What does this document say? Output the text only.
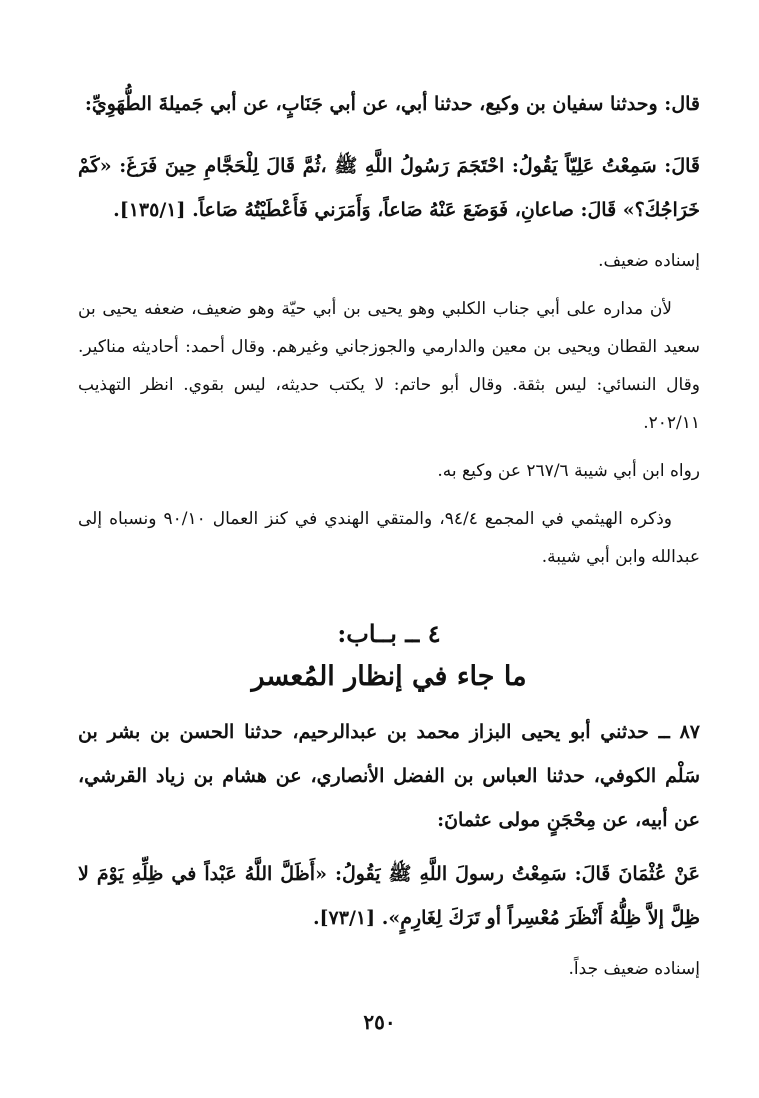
قال: وحدثنا سفيان بن وكيع، حدثنا أبي، عن أبي جَنَابٍ، عن أبي جَميلةَ الطُّهَوِيِّ:

قَالَ: سَمِعْتُ عَلِيّاً يَقُولُ: احْتَجَمَ رَسُولُ اللَّهِ ﷺ ،ثُمَّ قَالَ لِلْحَجَّامِ حِينَ فَرَغَ: «كَمْ خَرَاجُكَ؟» قَالَ: صاعانِ، فَوَضَعَ عَنْهُ صَاعاً، وَأَمَرَني فَأَعْطَيْتُهُ صَاعاً. [١٣٥/١].

إسناده ضعيف.

لأن مداره على أبي جناب الكلبي وهو يحيى بن أبي حيّة وهو ضعيف، ضعفه يحيى بن سعيد القطان ويحيى بن معين والدارمي والجوزجاني وغيرهم. وقال أحمد: أحاديثه مناكير. وقال النسائي: ليس بثقة. وقال أبو حاتم: لا يكتب حديثه، ليس بقوي. انظر التهذيب ٢٠٢/١١.

رواه ابن أبي شيبة ٢٦٧/٦ عن وكيع به.

وذكره الهيثمي في المجمع ٩٤/٤، والمتقي الهندي في كنز العمال ٩٠/١٠ ونسباه إلى عبدالله وابن أبي شيبة.

٤ ــ بــاب:
ما جاء في إنظار المُعسر

٨٧ ــ حدثني أبو يحيى البزاز محمد بن عبدالرحيم، حدثنا الحسن بن بشر بن سَلْم الكوفي، حدثنا العباس بن الفضل الأنصاري، عن هشام بن زياد القرشي، عن أبيه، عن مِحْجَنٍ مولى عثمانَ:

عَنْ عُثْمَانَ قَالَ: سَمِعْتُ رسولَ اللَّهِ ﷺ يَقُولُ: «أَظَلَّ اللَّهُ عَبْداً في ظِلِّهِ يَوْمَ لا ظِلَّ إلاَّ ظِلُّهُ أَنْظَرَ مُعْسِراً أو تَرَكَ لِغَارِمٍ». [٧٣/١].

إسناده ضعيف جداً.

٢٥٠
